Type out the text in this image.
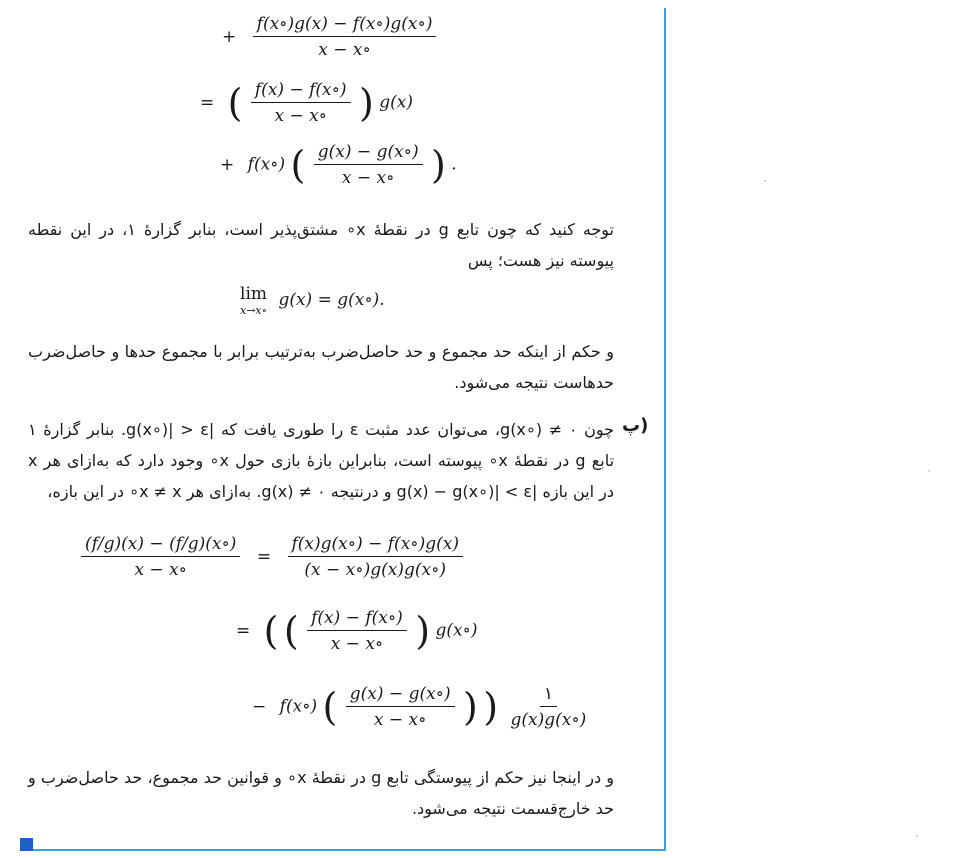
+ $\frac{f(x\circ)g(x) - f(x\circ)g(x\circ)}{x - x\circ}$
= ( $\frac{f(x) - f(x\circ)}{x - x\circ}$ ) g(x)
+ f(x∘) ( $\frac{g(x) - g(x\circ)}{x - x\circ}$ ) .
توجه کنید که چون تابع g در نقطهٔ x∘ مشتق‌پذیر است، بنابر گزارهٔ ۱، در این نقطه پیوسته نیز هست؛ پس
lim
x→x∘
g(x) = g(x∘).
و حکم از اینکه حد مجموع و حد حاصل‌ضرب به‌ترتیب برابر با مجموع حدها و حاصل‌ضرب حدهاست نتیجه می‌شود.
پ)
چون g(x∘) ≠ ۰، می‌توان عدد مثبت ε را طوری یافت که |g(x∘)| > ε. بنابر گزارهٔ ۱ تابع g در نقطهٔ x∘ پیوسته است، بنابراین بازهٔ بازی حول x∘ وجود دارد که به‌ازای هر x در این بازه |g(x) − g(x∘)| < ε و درنتیجه g(x) ≠ ۰. به‌ازای هر x ≠ x∘ در این بازه،
$\frac{(f/g)(x) - (f/g)(x\circ)}{x - x\circ} = \frac{f(x)g(x\circ) - f(x\circ)g(x)}{(x - x\circ)g(x)g(x\circ)}$
= ( ( $\frac{f(x) - f(x\circ)}{x - x\circ}$ ) g(x∘)
− f(x∘) ( $\frac{g(x) - g(x\circ)}{x - x\circ}$ ) ) $\frac{۱}{g(x)g(x\circ)}$
و در اینجا نیز حکم از پیوستگی تابع g در نقطهٔ x∘ و قوانین حد مجموع، حد حاصل‌ضرب و حد خارج‌قسمت نتیجه می‌شود.
